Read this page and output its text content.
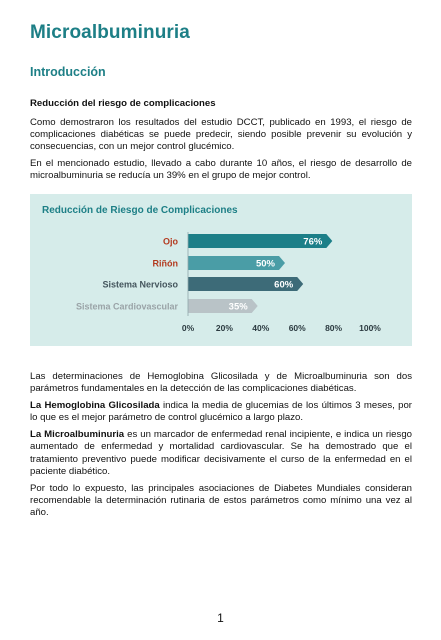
Microalbuminuria
Introducción

Reducción del riesgo de complicaciones

Como demostraron los resultados del estudio DCCT, publicado en 1993, el riesgo de complicaciones diabéticas se puede predecir, siendo posible prevenir su evolución y consecuencias, con un mejor control glucémico.

En el mencionado estudio, llevado a cabo durante 10 años, el riesgo de desarrollo de microalbuminuria se reducía un 39% en el grupo de mejor control.

Reducción de Riesgo de Complicaciones
Ojo	76%
Riñón	50%
Sistema Nervioso	60%
Sistema Cardiovascular	35%
0%	20% 40% 60% 80% 100%

Las determinaciones de Hemoglobina Glicosilada y de Microalbuminuria son dos parámetros fundamentales en la detección de las complicaciones diabéticas.

La Hemoglobina Glicosilada indica la media de glucemias de los últimos 3 meses, por lo que es el mejor parámetro de control glucémico a largo plazo.

La Microalbuminuria es un marcador de enfermedad renal incipiente, e indica un riesgo aumentado de enfermedad y mortalidad cardiovascular. Se ha demostrado que el tratamiento preventivo puede modificar decisivamente el curso de la enfermedad en el paciente diabético.

Por todo lo expuesto, las principales asociaciones de Diabetes Mundiales consideran recomendable la determinación rutinaria de estos parámetros como mínimo una vez al año.

1
